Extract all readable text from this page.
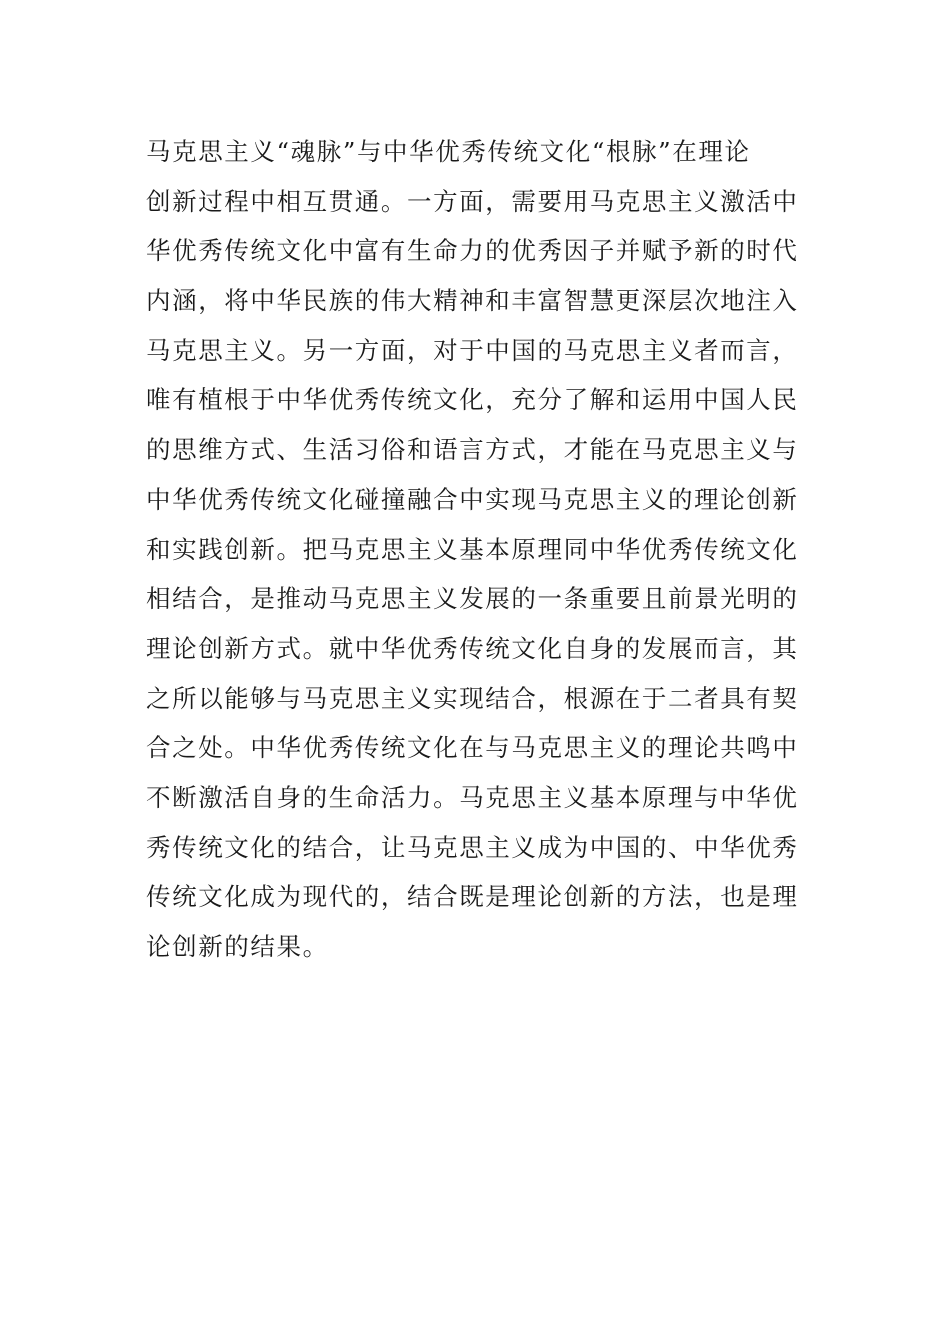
马克思主义“魂脉”与中华优秀传统文化“根脉”在理论
创新过程中相互贯通。一方面，需要用马克思主义激活中
华优秀传统文化中富有生命力的优秀因子并赋予新的时代
内涵，将中华民族的伟大精神和丰富智慧更深层次地注入
马克思主义。另一方面，对于中国的马克思主义者而言，
唯有植根于中华优秀传统文化，充分了解和运用中国人民
的思维方式、生活习俗和语言方式，才能在马克思主义与
中华优秀传统文化碰撞融合中实现马克思主义的理论创新
和实践创新。把马克思主义基本原理同中华优秀传统文化
相结合，是推动马克思主义发展的一条重要且前景光明的
理论创新方式。就中华优秀传统文化自身的发展而言，其
之所以能够与马克思主义实现结合，根源在于二者具有契
合之处。中华优秀传统文化在与马克思主义的理论共鸣中
不断激活自身的生命活力。马克思主义基本原理与中华优
秀传统文化的结合，让马克思主义成为中国的、中华优秀
传统文化成为现代的，结合既是理论创新的方法，也是理
论创新的结果。
